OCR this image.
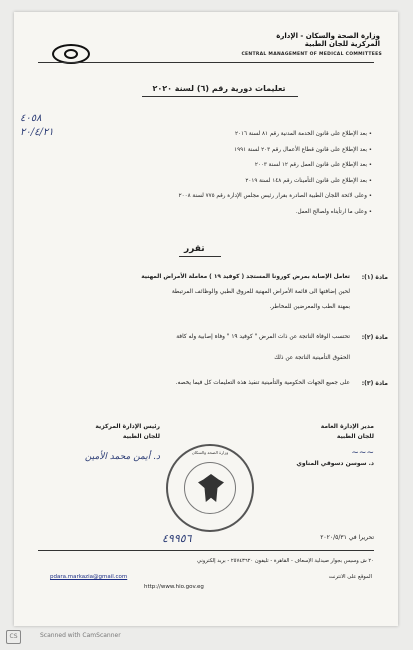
وزارة الصحة والسكان - الإدارة المركزية للجان الطبية
CENTRAL MANAGEMENT OF MEDICAL COMMITTEES
تعليمات دورية رقم (٦) لسنة ٢٠٢٠
٤٠٥٨
٢٠/٤/٢١
•	بعد الإطلاع على قانون الخدمة المدنية رقم ٨١ لسنة ٢٠١٦
• بعد الإطلاع على قانون قطاع الأعمال رقم ٢٠٣ لسنة ١٩٩١
• بعد الإطلاع على قانون العمل رقم ١٢ لسنة ٢٠٠٣
• بعد الإطلاع على قانون التأمينات رقم ١٤٨ لسنة ٢٠١٩
• وعلى لائحة اللجان الطبية الصادرة بقرار رئيس مجلس الإدارة رقم ٧٧٥ لسنة ٢٠٠٨
• وعلى ما ارتأيناه ولصالح العمل.
تقرر
مادة (١):
تعامل الإصابة بمرض كورونا المستجد ( كوفيد ١٩ ) معاملة الأمراض المهنية
لحين إضافتها الى قائمة الأمراض المهنية للعروق الطبي والوظائف المرتبطة
بمهنة الطب والمعرضين للمخاطر.
مادة (٢):
تحتسب الوفاة الناتجة عن ذات المرض " كوفيد ١٩ " وفاة إصابية وله كافة
الحقوق التأمينية الناتجة عن ذلك
مادة (٣):
على جميع الجهات الحكومية والتأمينية تنفيذ هذه التعليمات كل فيما يخصه.
مدير الإدارة العامة
للجان الطبية
~~~
د. سوسن دسوقي المناوي
رئيس الإدارة المركزية
للجان الطبية
د. أيمن محمد الأمين	وزارة الصحة والسكان
٤٩٩٥٦	تحريرا في ٢٠٢٠/٥/٣١
٢٠ ش وسيس بجوار صيدلية الإسعاف - القاهرة - تليفون ٢٥٧٤٣٦٢٠ - بريد إلكتروني
pdara.markazia@gmail.com	الموقع على الانترنت
http://www.hio.gov.eg
CS	Scanned with CamScanner
